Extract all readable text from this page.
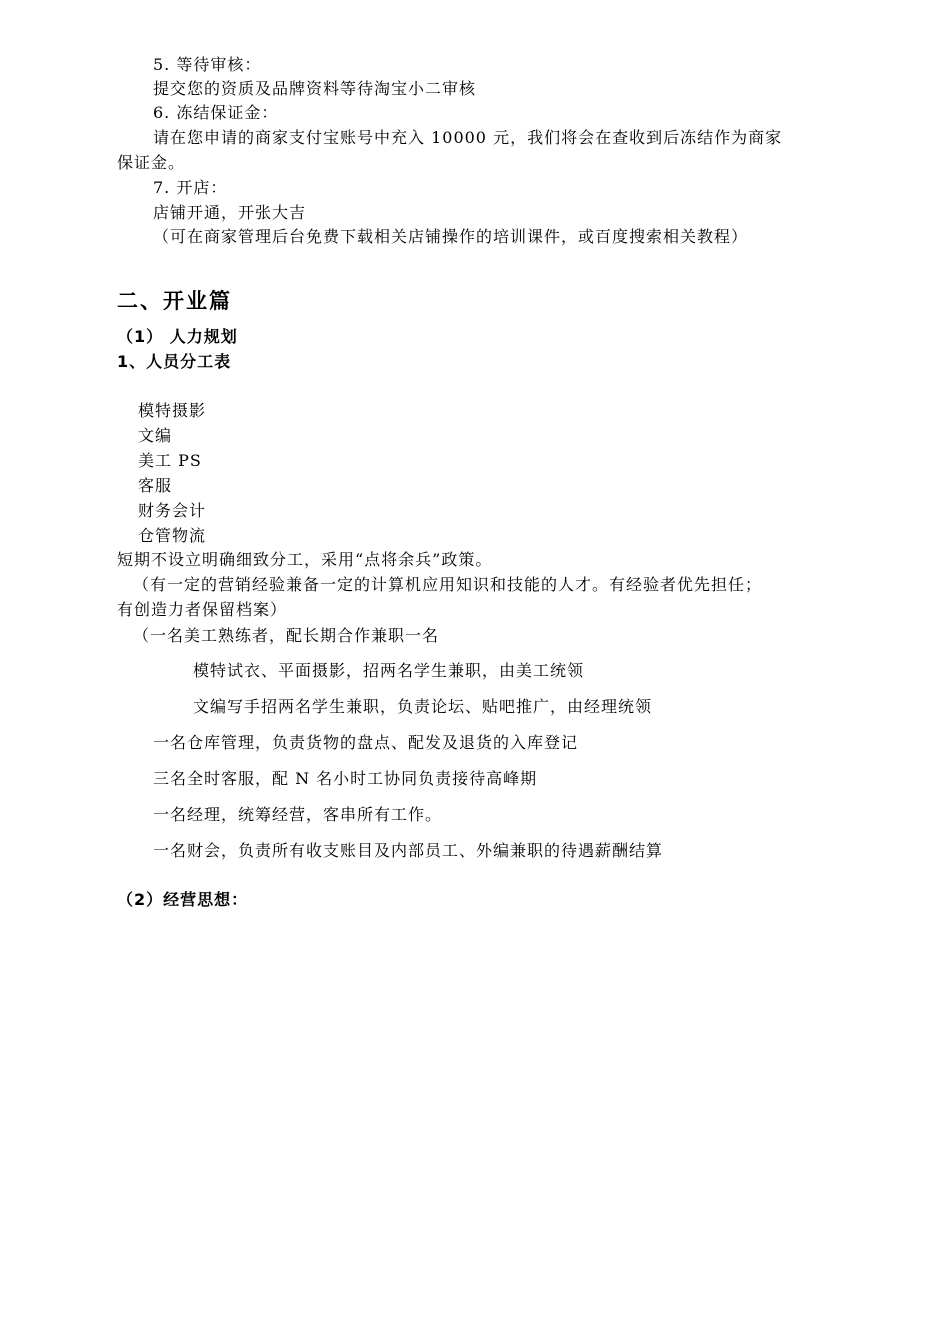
5. 等待审核：
提交您的资质及品牌资料等待淘宝小二审核
6. 冻结保证金：
请在您申请的商家支付宝账号中充入 10000 元，我们将会在查收到后冻结作为商家
保证金。
7. 开店：
店铺开通，开张大吉
（可在商家管理后台免费下载相关店铺操作的培训课件，或百度搜索相关教程）
二、开业篇
（1） 人力规划
1、人员分工表
模特摄影
文编
美工 PS
客服
财务会计
仓管物流
短期不设立明确细致分工，采用“点将余兵”政策。
（有一定的营销经验兼备一定的计算机应用知识和技能的人才。有经验者优先担任；
有创造力者保留档案）
（一名美工熟练者，配长期合作兼职一名
模特试衣、平面摄影，招两名学生兼职，由美工统领
文编写手招两名学生兼职，负责论坛、贴吧推广，由经理统领
一名仓库管理，负责货物的盘点、配发及退货的入库登记
三名全时客服，配 N 名小时工协同负责接待高峰期
一名经理，统筹经营，客串所有工作。
一名财会，负责所有收支账目及内部员工、外编兼职的待遇薪酬结算
（2）经营思想：
